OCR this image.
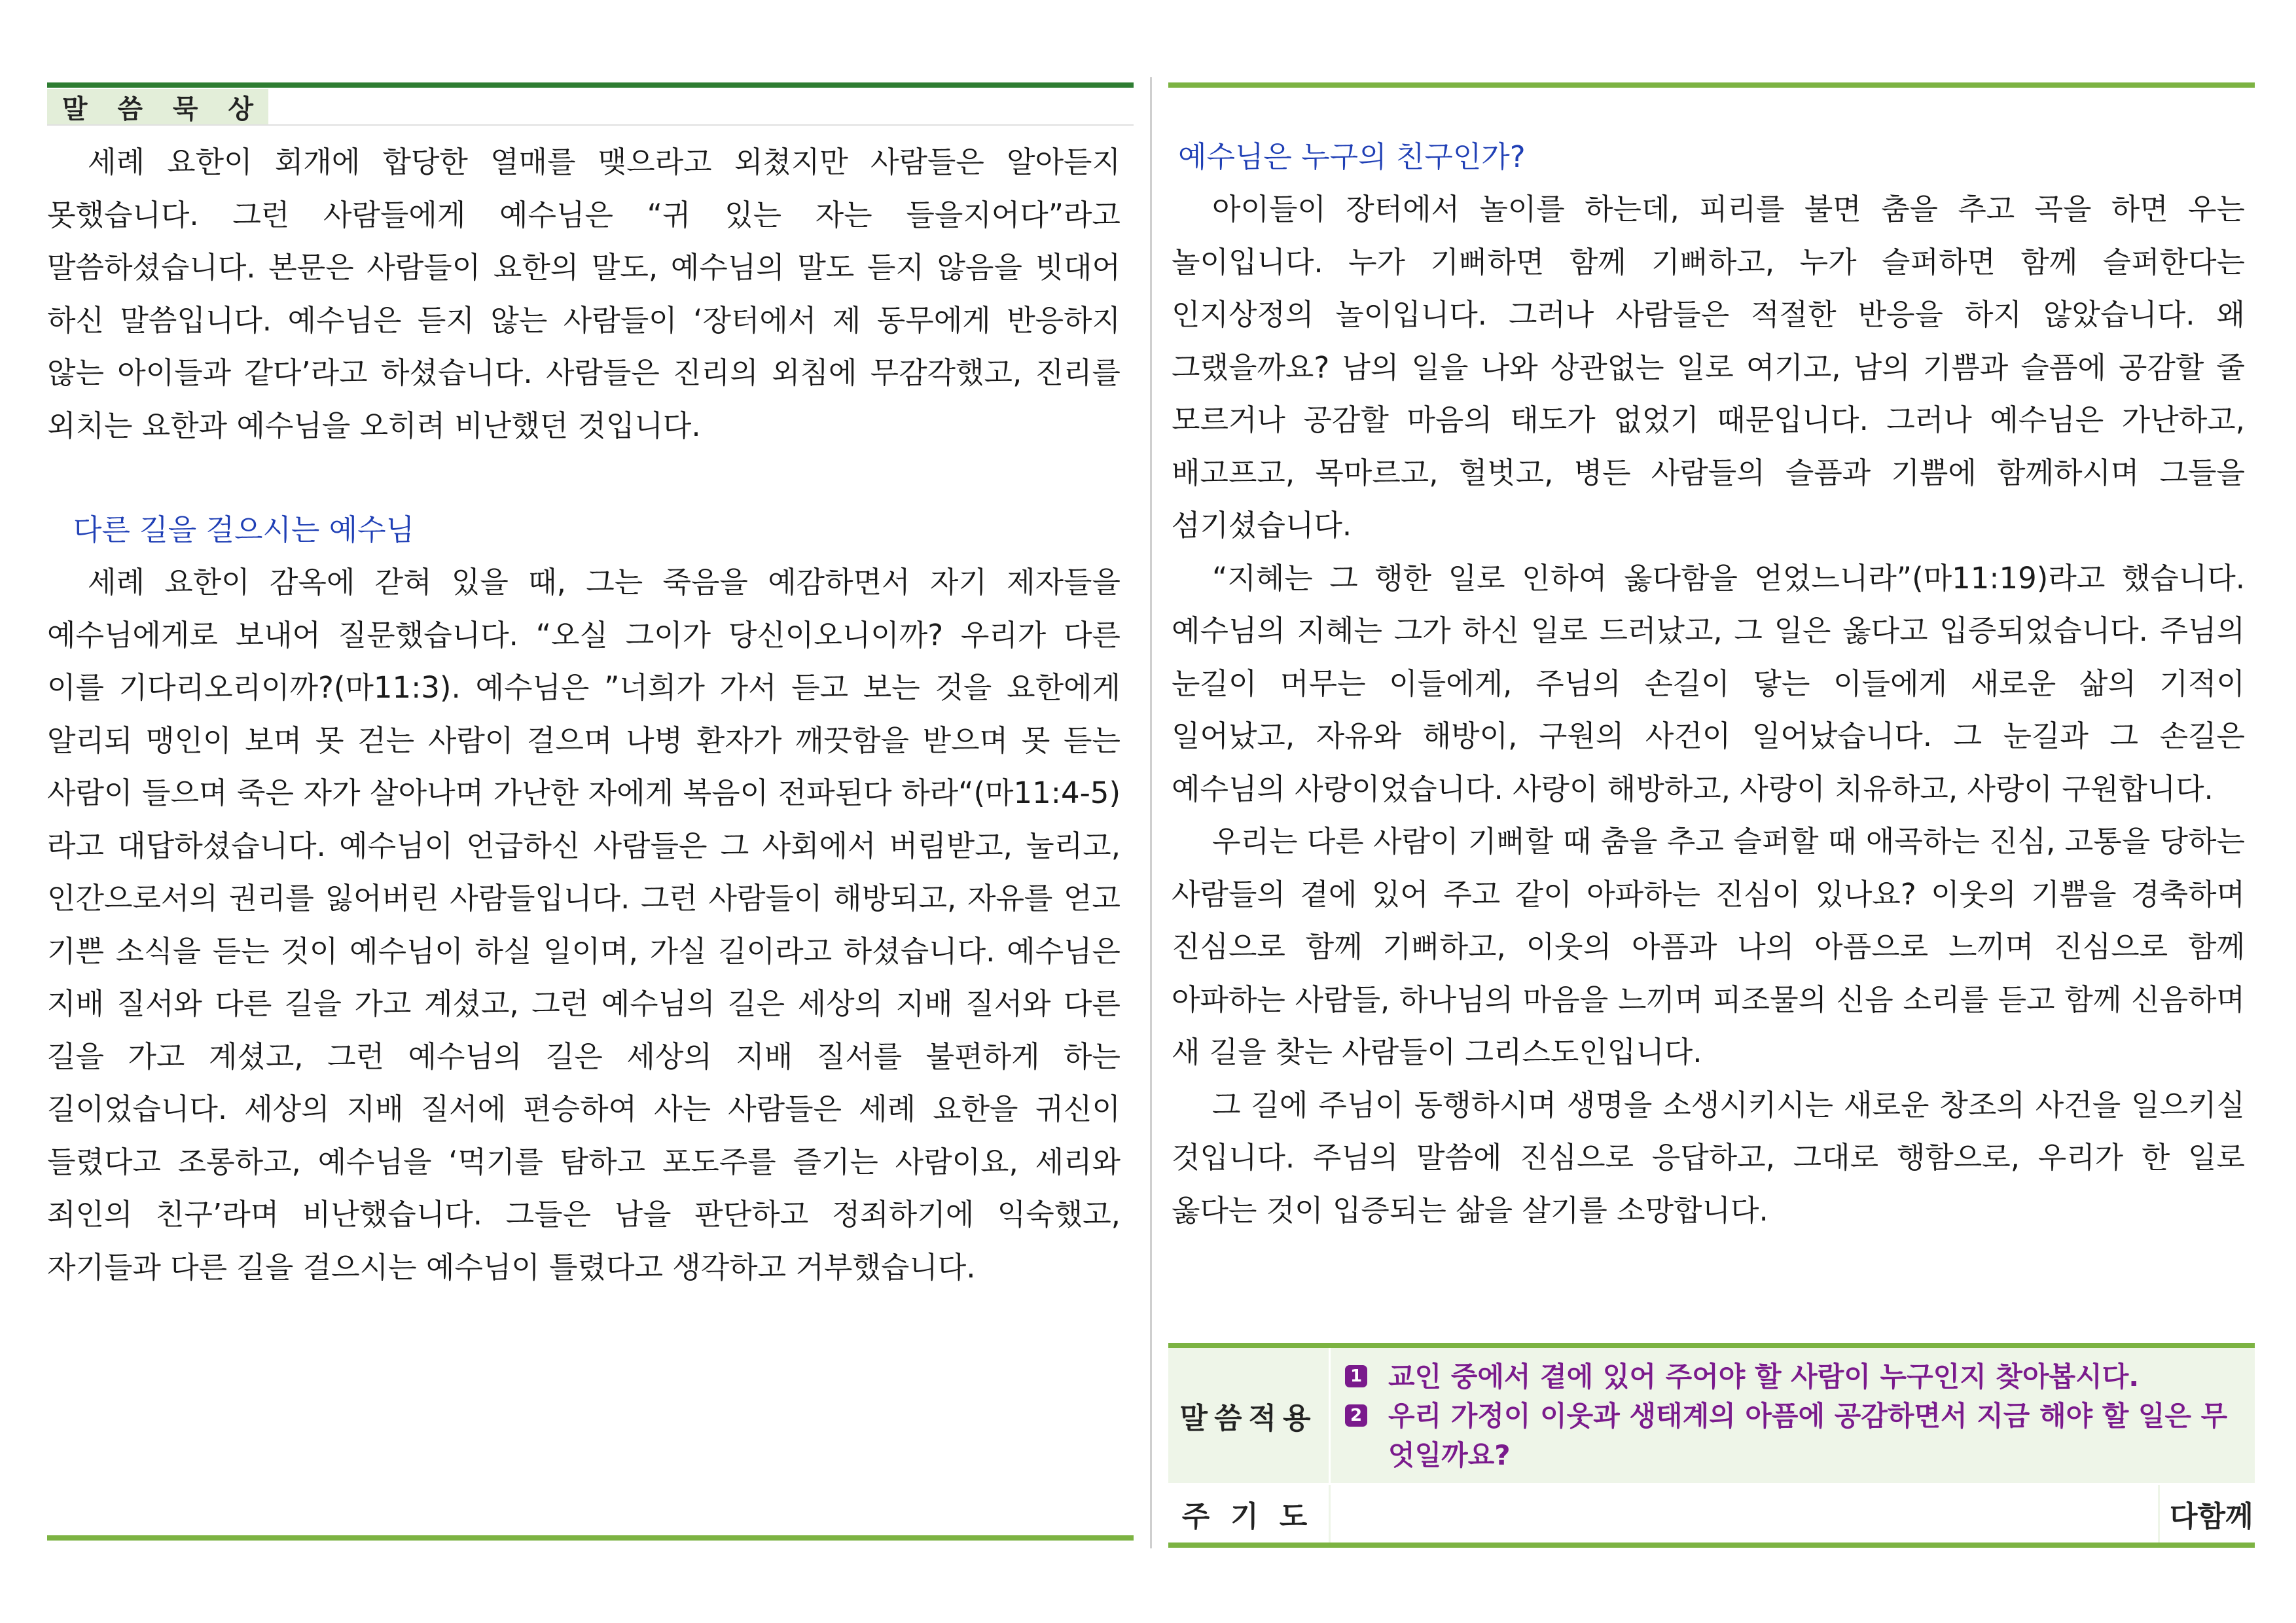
말 씀 묵 상

세례 요한이 회개에 합당한 열매를 맺으라고 외쳤지만 사람들은 알아듣지 못했습니다. 그런 사람들에게 예수님은 “귀 있는 자는 들을지어다”라고 말씀하셨습니다. 본문은 사람들이 요한의 말도, 예수님의 말도 듣지 않음을 빗대어 하신 말씀입니다. 예수님은 듣지 않는 사람들이 ‘장터에서 제 동무에게 반응하지 않는 아이들과 같다’라고 하셨습니다. 사람들은 진리의 외침에 무감각했고, 진리를 외치는 요한과 예수님을 오히려 비난했던 것입니다.

다른 길을 걸으시는 예수님

세례 요한이 감옥에 갇혀 있을 때, 그는 죽음을 예감하면서 자기 제자들을 예수님에게로 보내어 질문했습니다. “오실 그이가 당신이오니이까? 우리가 다른 이를 기다리오리이까?(마11:3). 예수님은 ”너희가 가서 듣고 보는 것을 요한에게 알리되 맹인이 보며 못 걷는 사람이 걸으며 나병 환자가 깨끗함을 받으며 못 듣는 사람이 들으며 죽은 자가 살아나며 가난한 자에게 복음이 전파된다 하라“(마11:4-5)라고 대답하셨습니다. 예수님이 언급하신 사람들은 그 사회에서 버림받고, 눌리고, 인간으로서의 권리를 잃어버린 사람들입니다. 그런 사람들이 해방되고, 자유를 얻고 기쁜 소식을 듣는 것이 예수님이 하실 일이며, 가실 길이라고 하셨습니다. 예수님은 지배 질서와 다른 길을 가고 계셨고, 그런 예수님의 길은 세상의 지배 질서와 다른 길을 가고 계셨고, 그런 예수님의 길은 세상의 지배 질서를 불편하게 하는 길이었습니다. 세상의 지배 질서에 편승하여 사는 사람들은 세례 요한을 귀신이 들렸다고 조롱하고, 예수님을 ‘먹기를 탐하고 포도주를 즐기는 사람이요, 세리와 죄인의 친구’라며 비난했습니다. 그들은 남을 판단하고 정죄하기에 익숙했고, 자기들과 다른 길을 걸으시는 예수님이 틀렸다고 생각하고 거부했습니다.

예수님은 누구의 친구인가?

아이들이 장터에서 놀이를 하는데, 피리를 불면 춤을 추고 곡을 하면 우는 놀이입니다. 누가 기뻐하면 함께 기뻐하고, 누가 슬퍼하면 함께 슬퍼한다는 인지상정의 놀이입니다. 그러나 사람들은 적절한 반응을 하지 않았습니다. 왜 그랬을까요? 남의 일을 나와 상관없는 일로 여기고, 남의 기쁨과 슬픔에 공감할 줄 모르거나 공감할 마음의 태도가 없었기 때문입니다. 그러나 예수님은 가난하고, 배고프고, 목마르고, 헐벗고, 병든 사람들의 슬픔과 기쁨에 함께하시며 그들을 섬기셨습니다.

“지혜는 그 행한 일로 인하여 옳다함을 얻었느니라”(마11:19)라고 했습니다. 예수님의 지혜는 그가 하신 일로 드러났고, 그 일은 옳다고 입증되었습니다. 주님의 눈길이 머무는 이들에게, 주님의 손길이 닿는 이들에게 새로운 삶의 기적이 일어났고, 자유와 해방이, 구원의 사건이 일어났습니다. 그 눈길과 그 손길은 예수님의 사랑이었습니다. 사랑이 해방하고, 사랑이 치유하고, 사랑이 구원합니다.

우리는 다른 사람이 기뻐할 때 춤을 추고 슬퍼할 때 애곡하는 진심, 고통을 당하는 사람들의 곁에 있어 주고 같이 아파하는 진심이 있나요? 이웃의 기쁨을 경축하며 진심으로 함께 기뻐하고, 이웃의 아픔과 나의 아픔으로 느끼며 진심으로 함께 아파하는 사람들, 하나님의 마음을 느끼며 피조물의 신음 소리를 듣고 함께 신음하며 새 길을 찾는 사람들이 그리스도인입니다.

그 길에 주님이 동행하시며 생명을 소생시키시는 새로운 창조의 사건을 일으키실 것입니다. 주님의 말씀에 진심으로 응답하고, 그대로 행함으로, 우리가 한 일로 옳다는 것이 입증되는 삶을 살기를 소망합니다.

말씀적용
1 교인 중에서 곁에 있어 주어야 할 사람이 누구인지 찾아봅시다.
2 우리 가정이 이웃과 생태계의 아픔에 공감하면서 지금 해야 할 일은 무엇일까요?
주기도	다 함 께
